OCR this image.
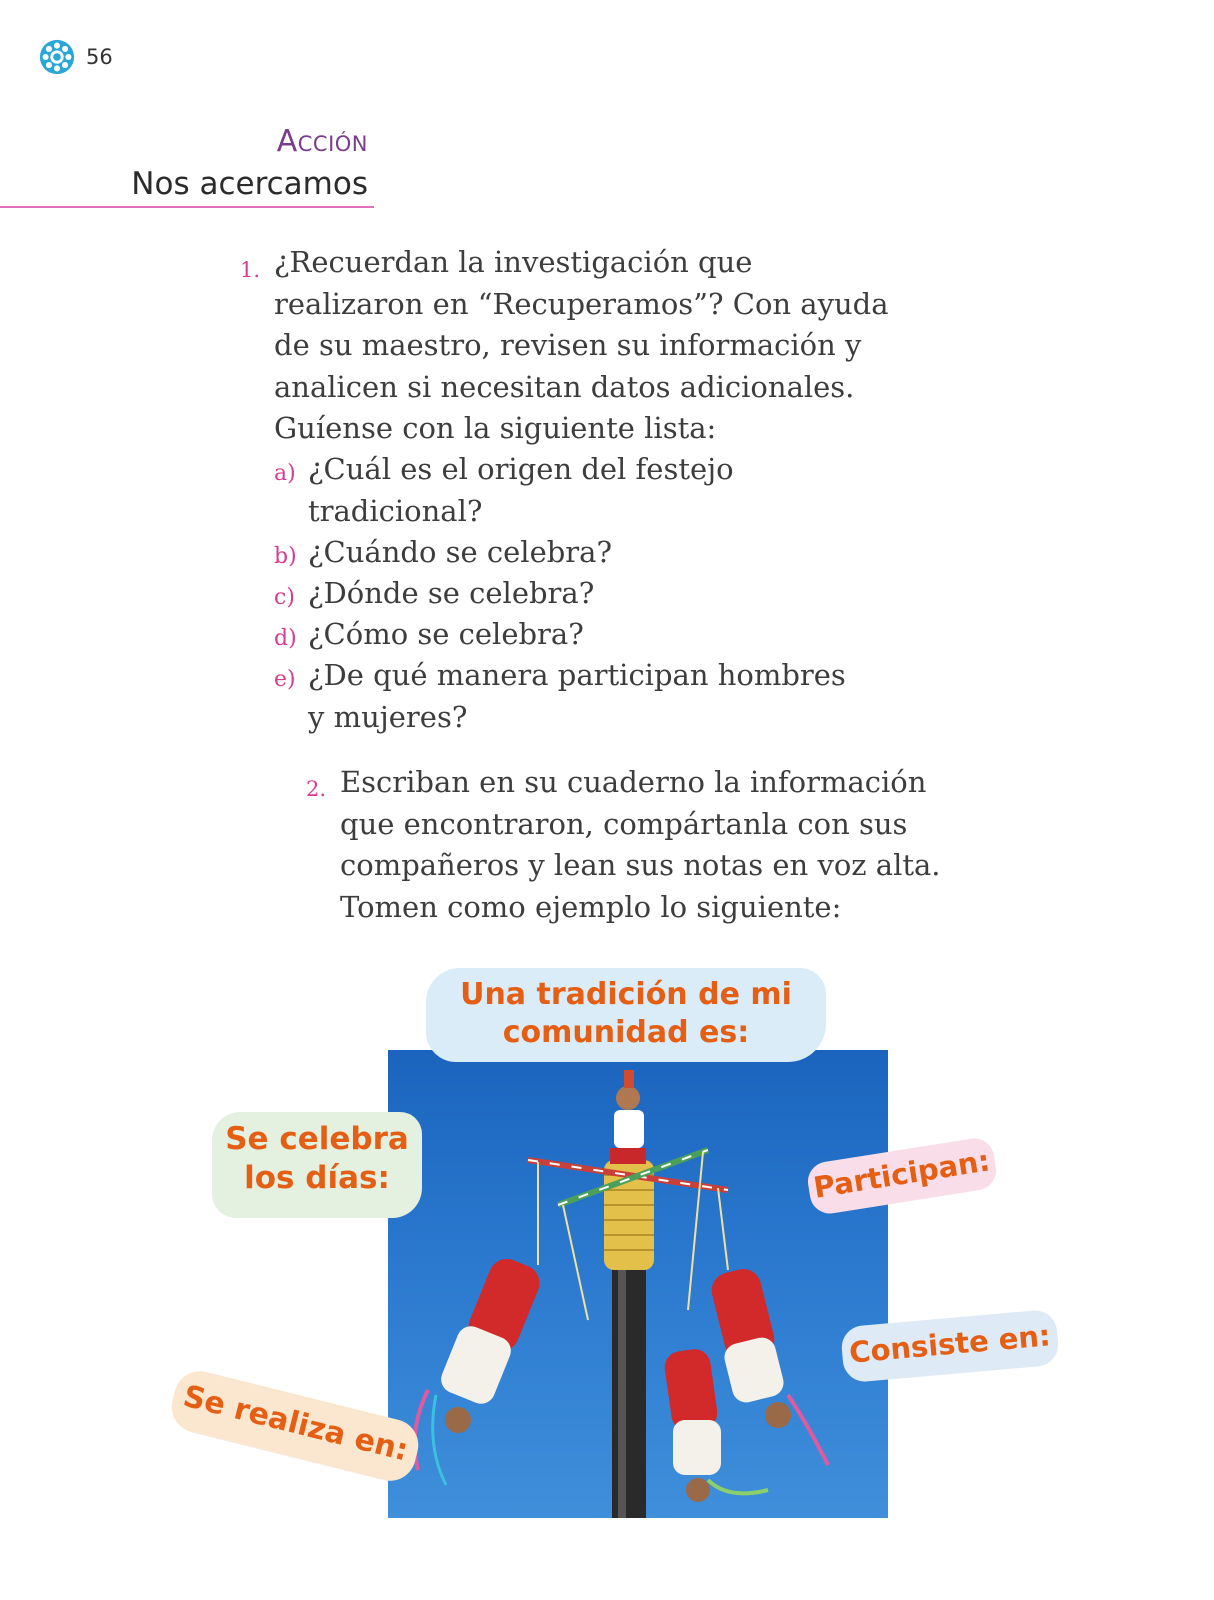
56
Acción
Nos acercamos
1. ¿Recuerdan la investigación que
realizaron en “Recuperamos”? Con ayuda
de su maestro, revisen su información y
analicen si necesitan datos adicionales.
Guíense con la siguiente lista:
a) ¿Cuál es el origen del festejo
tradicional?
b) ¿Cuándo se celebra?
c) ¿Dónde se celebra?
d) ¿Cómo se celebra?
e) ¿De qué manera participan hombres
y mujeres?
2. Escriban en su cuaderno la información
que encontraron, compártanla con sus
compañeros y lean sus notas en voz alta.
Tomen como ejemplo lo siguiente:
Una tradición de mi
comunidad es:
Se celebra
los días:	Participan:
Consiste en:
Se realiza en:
